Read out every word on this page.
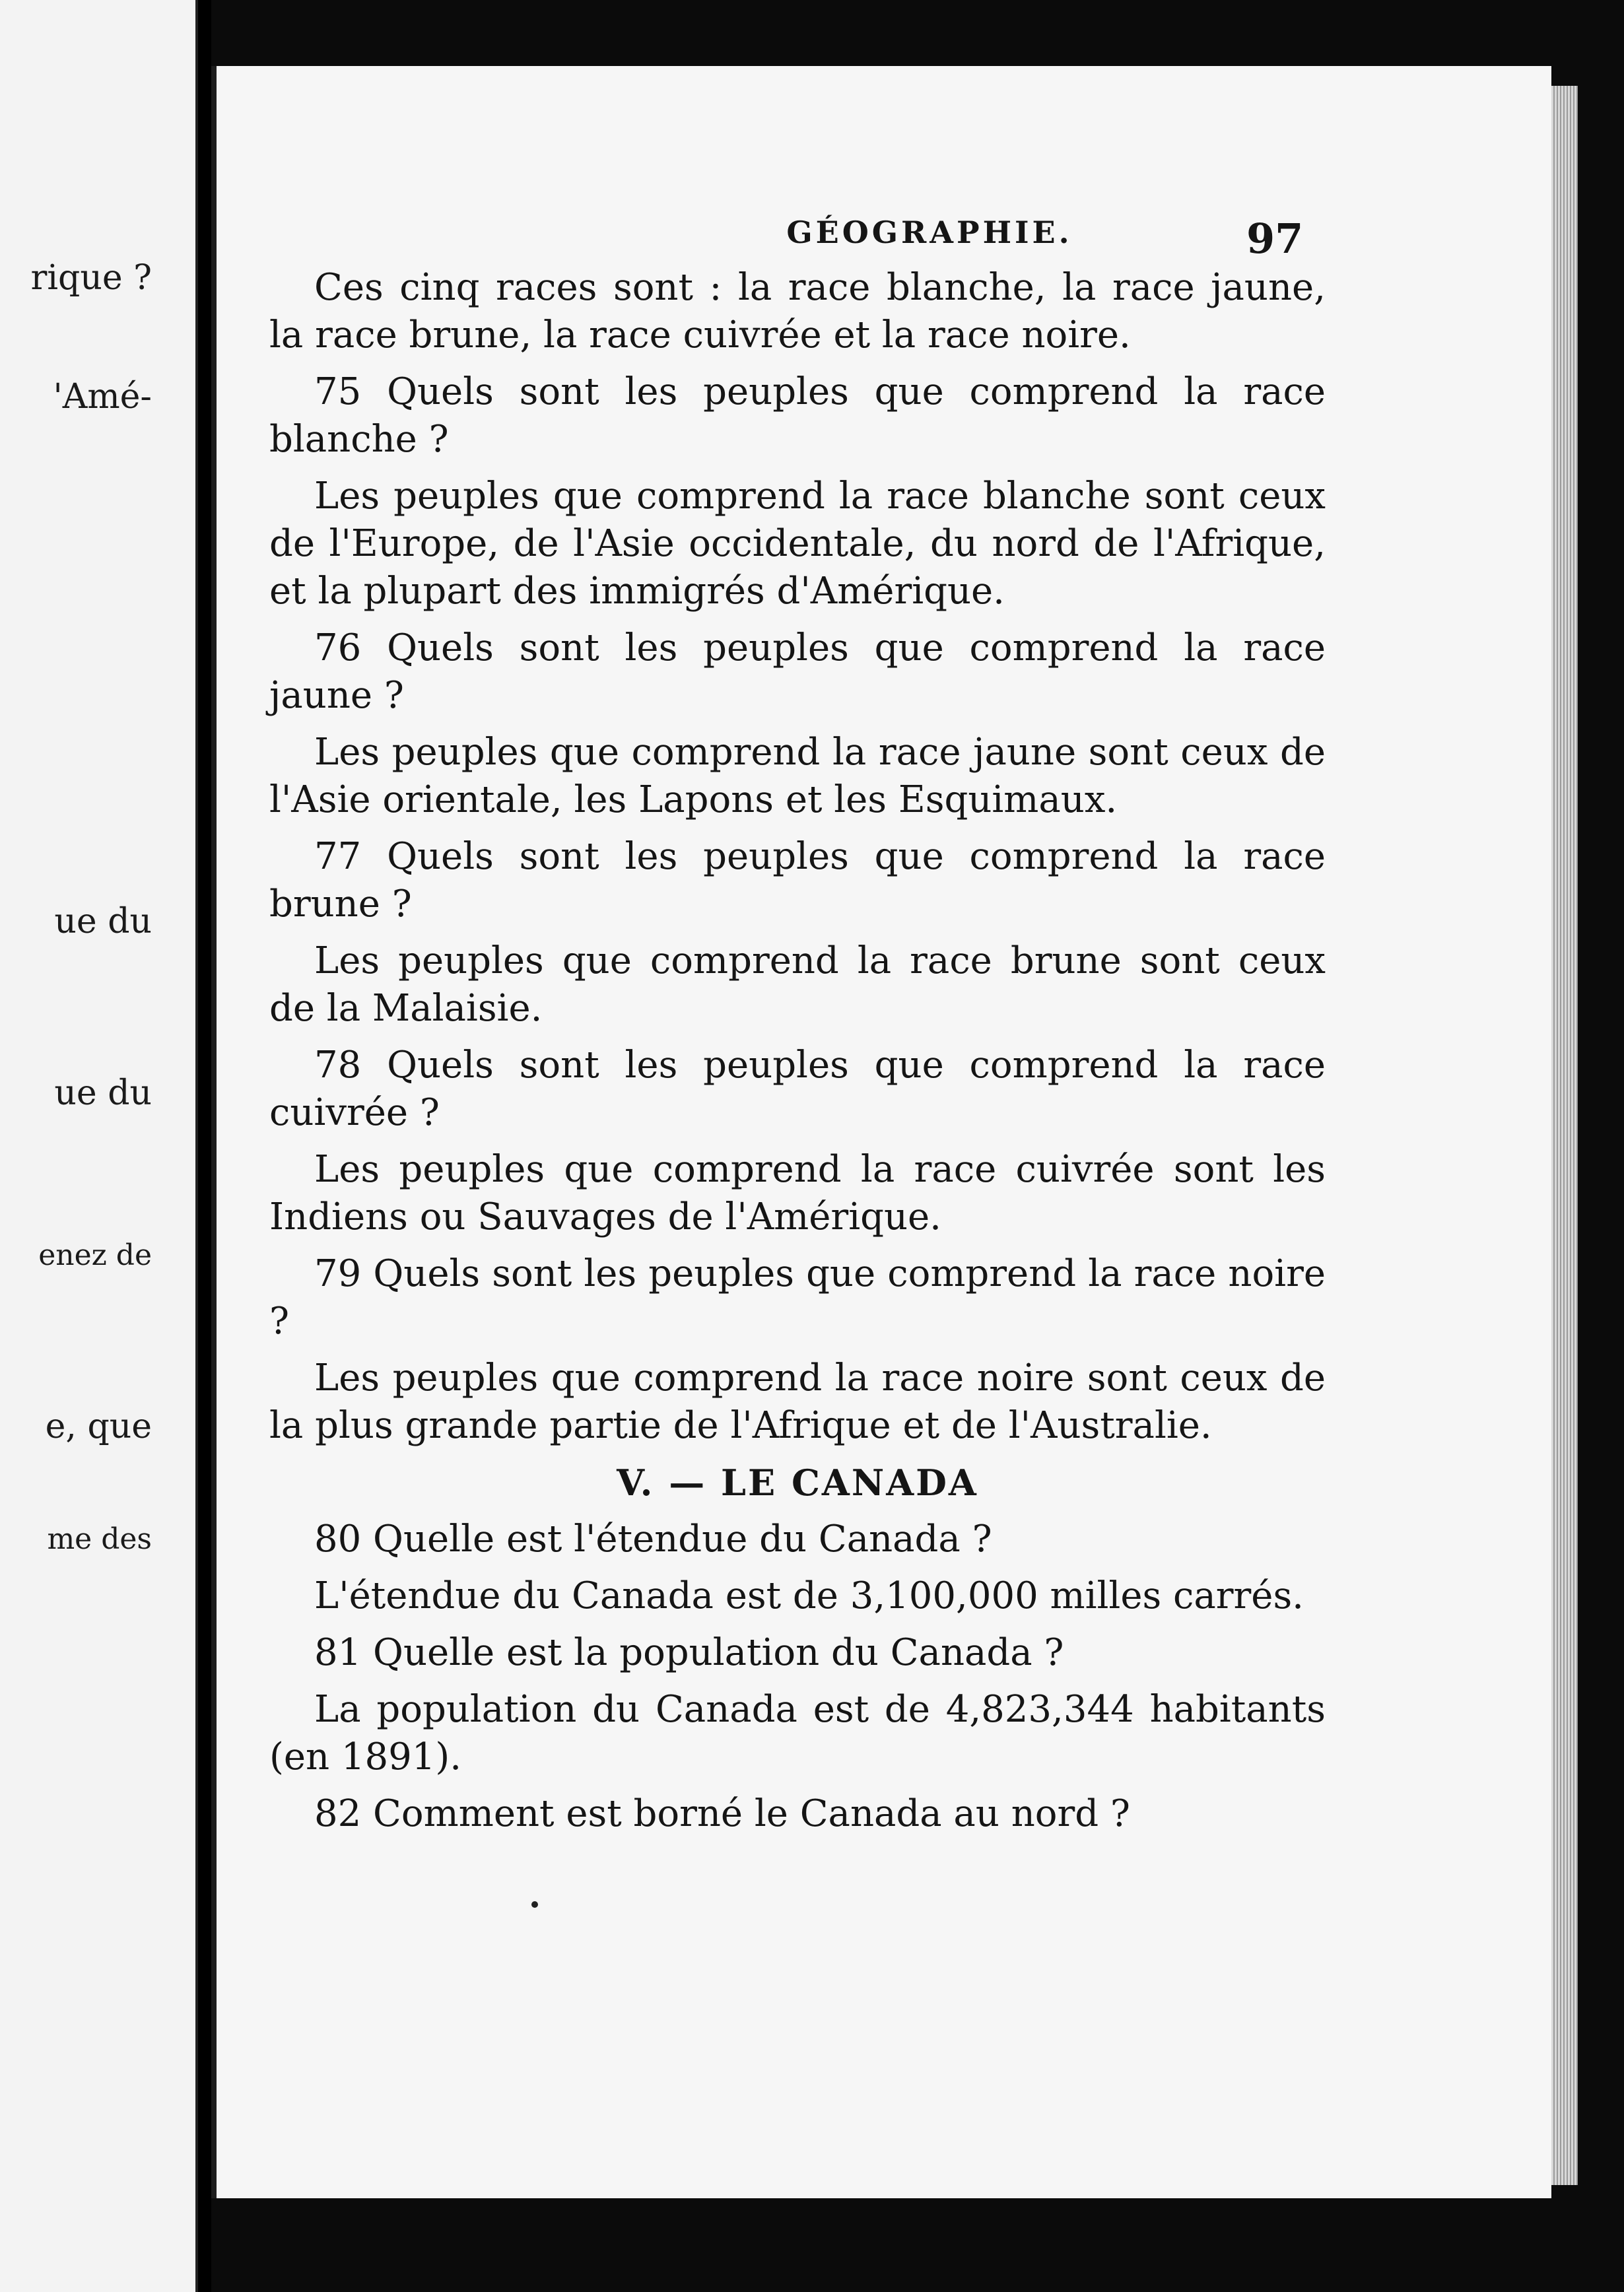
rique ?
'Amé-
ue du
ue du
enez de
e, que
me des
GÉOGRAPHIE.	97

Ces cinq races sont : la race blanche, la race jaune, la race brune, la race cuivrée et la race noire.

75 Quels sont les peuples que comprend la race blanche ?

Les peuples que comprend la race blanche sont ceux de l'Europe, de l'Asie occidentale, du nord de l'Afrique, et la plupart des immigrés d'Amérique.

76 Quels sont les peuples que comprend la race jaune ?

Les peuples que comprend la race jaune sont ceux de l'Asie orientale, les Lapons et les Esquimaux.

77 Quels sont les peuples que comprend la race brune ?

Les peuples que comprend la race brune sont ceux de la Malaisie.

78 Quels sont les peuples que comprend la race cuivrée ?

Les peuples que comprend la race cuivrée sont les Indiens ou Sauvages de l'Amérique.

79 Quels sont les peuples que comprend la race noire ?

Les peuples que comprend la race noire sont ceux de la plus grande partie de l'Afrique et de l'Australie.

V. — LE CANADA

80 Quelle est l'étendue du Canada ?

L'étendue du Canada est de 3,100,000 milles carrés.

81 Quelle est la population du Canada ?

La population du Canada est de 4,823,344 habitants (en 1891).

82 Comment est borné le Canada au nord ?
